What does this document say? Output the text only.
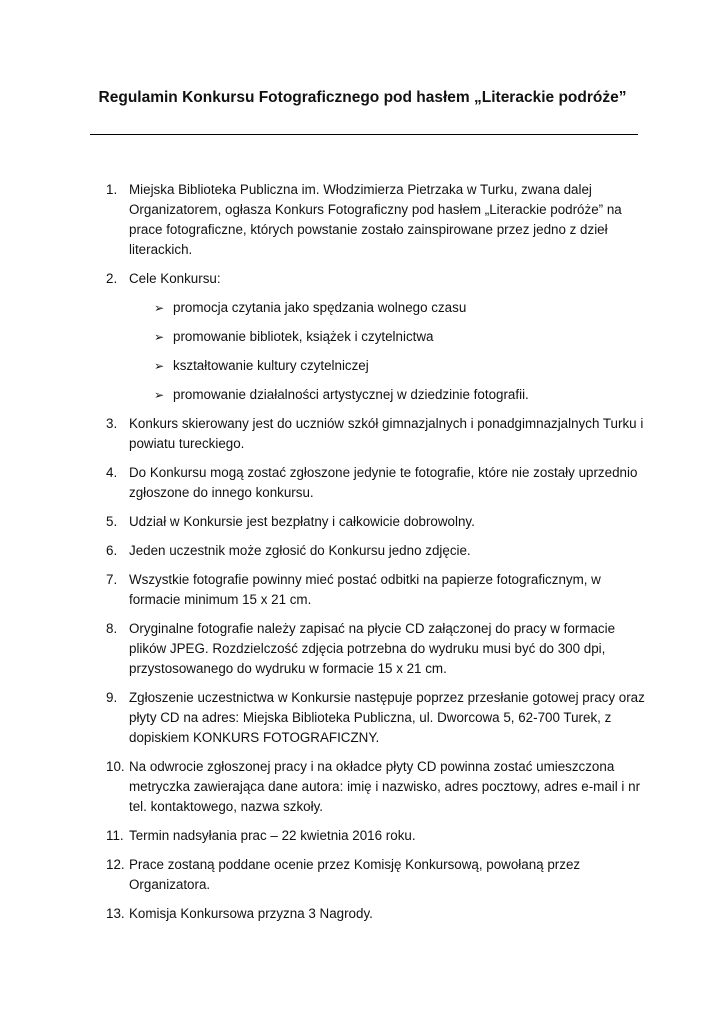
Regulamin Konkursu Fotograficznego pod hasłem „Literackie podróże”
1. Miejska Biblioteka Publiczna im. Włodzimierza Pietrzaka w Turku, zwana dalej Organizatorem, ogłasza Konkurs Fotograficzny pod hasłem „Literackie podróże” na prace fotograficzne, których powstanie zostało zainspirowane przez jedno z dzieł literackich.
2. Cele Konkursu:
➢ promocja czytania jako spędzania wolnego czasu
➢ promowanie bibliotek, książek i czytelnictwa
➢ kształtowanie kultury czytelniczej
➢ promowanie działalności artystycznej w dziedzinie fotografii.
3. Konkurs skierowany jest do uczniów szkół gimnazjalnych i ponadgimnazjalnych Turku i powiatu tureckiego.
4. Do Konkursu mogą zostać zgłoszone jedynie te fotografie, które nie zostały uprzednio zgłoszone do innego konkursu.
5. Udział w Konkursie jest bezpłatny i całkowicie dobrowolny.
6. Jeden uczestnik może zgłosić do Konkursu jedno zdjęcie.
7. Wszystkie fotografie powinny mieć postać odbitki na papierze fotograficznym, w formacie minimum 15 x 21 cm.
8. Oryginalne fotografie należy zapisać na płycie CD załączonej do pracy w formacie plików JPEG. Rozdzielczość zdjęcia potrzebna do wydruku musi być do 300 dpi, przystosowanego do wydruku w formacie 15 x 21 cm.
9. Zgłoszenie uczestnictwa w Konkursie następuje poprzez przesłanie gotowej pracy oraz płyty CD na adres: Miejska Biblioteka Publiczna, ul. Dworcowa 5, 62-700 Turek, z dopiskiem KONKURS FOTOGRAFICZNY.
10. Na odwrocie zgłoszonej pracy i na okładce płyty CD powinna zostać umieszczona metryczka zawierająca dane autora: imię i nazwisko, adres pocztowy, adres e-mail i nr tel. kontaktowego, nazwa szkoły.
11. Termin nadsyłania prac – 22 kwietnia 2016 roku.
12. Prace zostaną poddane ocenie przez Komisję Konkursową, powołaną przez Organizatora.
13. Komisja Konkursowa przyzna 3 Nagrody.
